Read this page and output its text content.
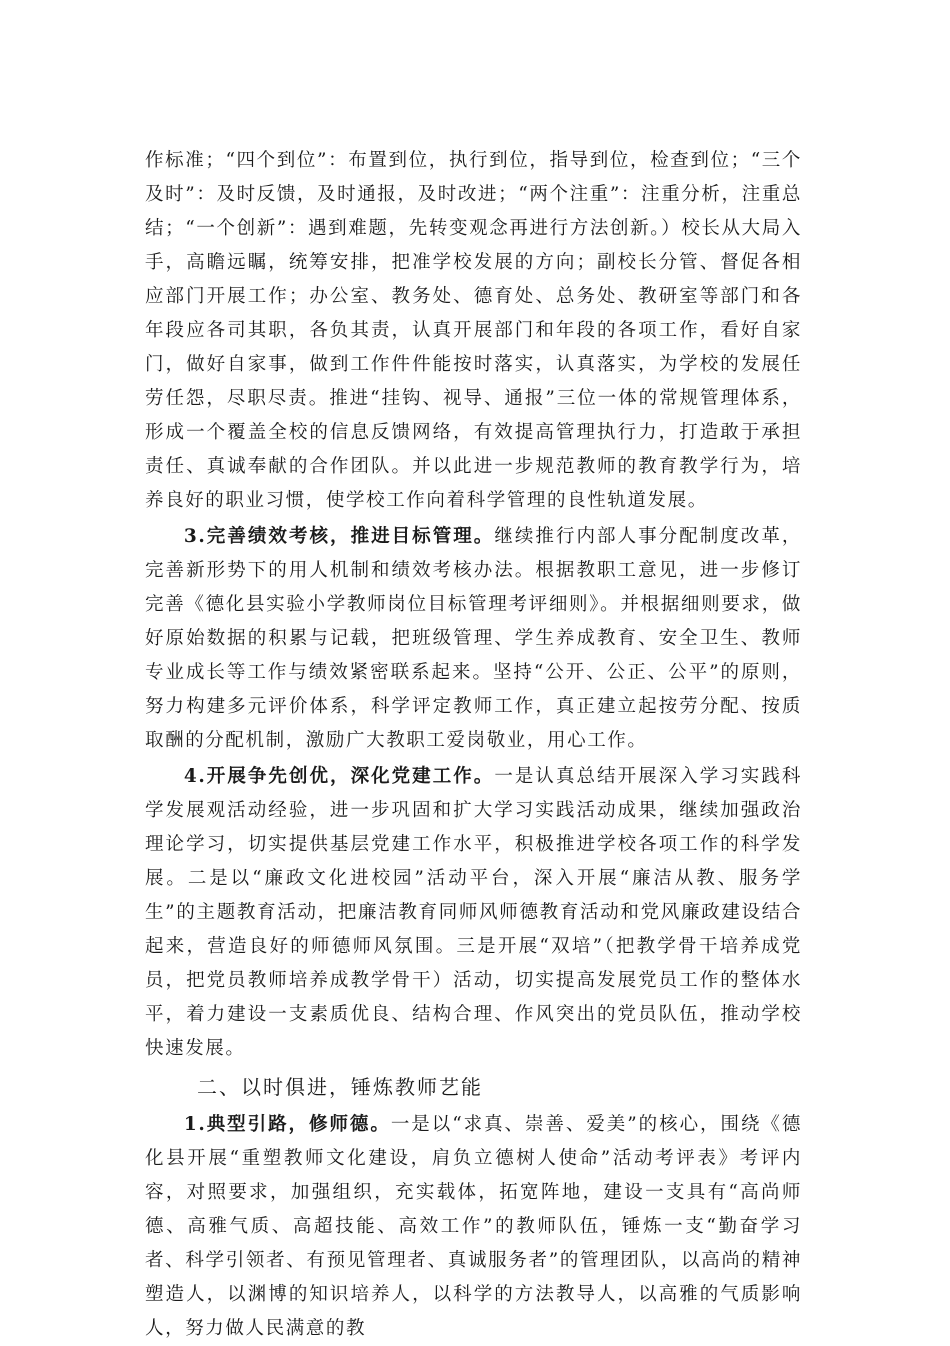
作标准；“四个到位”：布置到位，执行到位，指导到位，检查到位；“三个及时”：及时反馈，及时通报，及时改进；“两个注重”：注重分析，注重总结；“一个创新”：遇到难题，先转变观念再进行方法创新。）校长从大局入手，高瞻远瞩，统筹安排，把准学校发展的方向；副校长分管、督促各相应部门开展工作；办公室、教务处、德育处、总务处、教研室等部门和各年段应各司其职，各负其责，认真开展部门和年段的各项工作，看好自家门，做好自家事，做到工作件件能按时落实，认真落实，为学校的发展任劳任怨，尽职尽责。推进“挂钩、视导、通报”三位一体的常规管理体系，形成一个覆盖全校的信息反馈网络，有效提高管理执行力，打造敢于承担责任、真诚奉献的合作团队。并以此进一步规范教师的教育教学行为，培养良好的职业习惯，使学校工作向着科学管理的良性轨道发展。

3.完善绩效考核，推进目标管理。继续推行内部人事分配制度改革，完善新形势下的用人机制和绩效考核办法。根据教职工意见，进一步修订完善《德化县实验小学教师岗位目标管理考评细则》。并根据细则要求，做好原始数据的积累与记载，把班级管理、学生养成教育、安全卫生、教师专业成长等工作与绩效紧密联系起来。坚持“公开、公正、公平”的原则，努力构建多元评价体系，科学评定教师工作，真正建立起按劳分配、按质取酬的分配机制，激励广大教职工爱岗敬业，用心工作。

4.开展争先创优，深化党建工作。一是认真总结开展深入学习实践科学发展观活动经验，进一步巩固和扩大学习实践活动成果，继续加强政治理论学习，切实提供基层党建工作水平，积极推进学校各项工作的科学发展。二是以“廉政文化进校园”活动平台，深入开展“廉洁从教、服务学生”的主题教育活动，把廉洁教育同师风师德教育活动和党风廉政建设结合起来，营造良好的师德师风氛围。三是开展“双培”（把教学骨干培养成党员，把党员教师培养成教学骨干）活动，切实提高发展党员工作的整体水平，着力建设一支素质优良、结构合理、作风突出的党员队伍，推动学校快速发展。

二、以时俱进，锤炼教师艺能

1.典型引路，修师德。一是以“求真、崇善、爱美”的核心，围绕《德化县开展“重塑教师文化建设，肩负立德树人使命”活动考评表》考评内容，对照要求，加强组织，充实载体，拓宽阵地，建设一支具有“高尚师德、高雅气质、高超技能、高效工作”的教师队伍，锤炼一支“勤奋学习者、科学引领者、有预见管理者、真诚服务者”的管理团队，以高尚的精神塑造人，以渊博的知识培养人，以科学的方法教导人，以高雅的气质影响人，努力做人民满意的教
